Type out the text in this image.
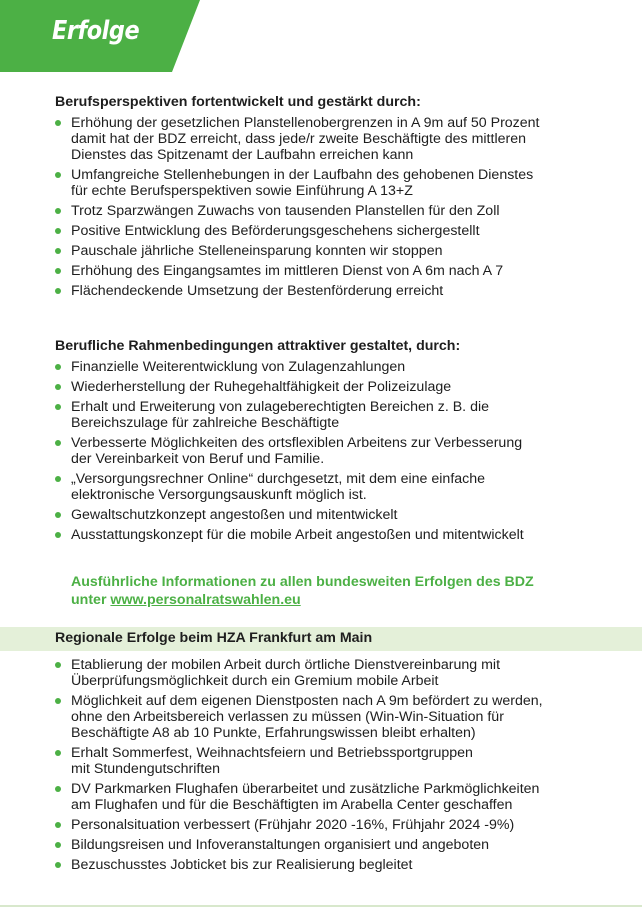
Erfolge
Berufsperspektiven fortentwickelt und gestärkt durch:
Erhöhung der gesetzlichen Planstellenobergrenzen in A 9m auf 50 Prozent
damit hat der BDZ erreicht, dass jede/r zweite Beschäftigte des mittleren
Dienstes das Spitzenamt der Laufbahn erreichen kann
Umfangreiche Stellenhebungen in der Laufbahn des gehobenen Dienstes
für echte Berufsperspektiven sowie Einführung A 13+Z
Trotz Sparzwängen Zuwachs von tausenden Planstellen für den Zoll
Positive Entwicklung des Beförderungsgeschehens sichergestellt
Pauschale jährliche Stelleneinsparung konnten wir stoppen
Erhöhung des Eingangsamtes im mittleren Dienst von A 6m nach A 7
Flächendeckende Umsetzung der Bestenförderung erreicht
Berufliche Rahmenbedingungen attraktiver gestaltet, durch:
Finanzielle Weiterentwicklung von Zulagenzahlungen
Wiederherstellung der Ruhegehaltfähigkeit der Polizeizulage
Erhalt und Erweiterung von zulageberechtigten Bereichen z. B. die
Bereichszulage für zahlreiche Beschäftigte
Verbesserte Möglichkeiten des ortsflexiblen Arbeitens zur Verbesserung
der Vereinbarkeit von Beruf und Familie.
„Versorgungsrechner Online“ durchgesetzt, mit dem eine einfache
elektronische Versorgungsauskunft möglich ist.
Gewaltschutzkonzept angestoßen und mitentwickelt
Ausstattungskonzept für die mobile Arbeit angestoßen und mitentwickelt
Ausführliche Informationen zu allen bundesweiten Erfolgen des BDZ
unter www.personalratswahlen.eu
Regionale Erfolge beim HZA Frankfurt am Main
Etablierung der mobilen Arbeit durch örtliche Dienstvereinbarung mit
Überprüfungsmöglichkeit durch ein Gremium mobile Arbeit
Möglichkeit auf dem eigenen Dienstposten nach A 9m befördert zu werden,
ohne den Arbeitsbereich verlassen zu müssen (Win-Win-Situation für
Beschäftigte A8 ab 10 Punkte, Erfahrungswissen bleibt erhalten)
Erhalt Sommerfest, Weihnachtsfeiern und Betriebssportgruppen
mit Stundengutschriften
DV Parkmarken Flughafen überarbeitet und zusätzliche Parkmöglichkeiten
am Flughafen und für die Beschäftigten im Arabella Center geschaffen
Personalsituation verbessert (Frühjahr 2020 -16%, Frühjahr 2024 -9%)
Bildungsreisen und Infoveranstaltungen organisiert und angeboten
Bezuschusstes Jobticket bis zur Realisierung begleitet
